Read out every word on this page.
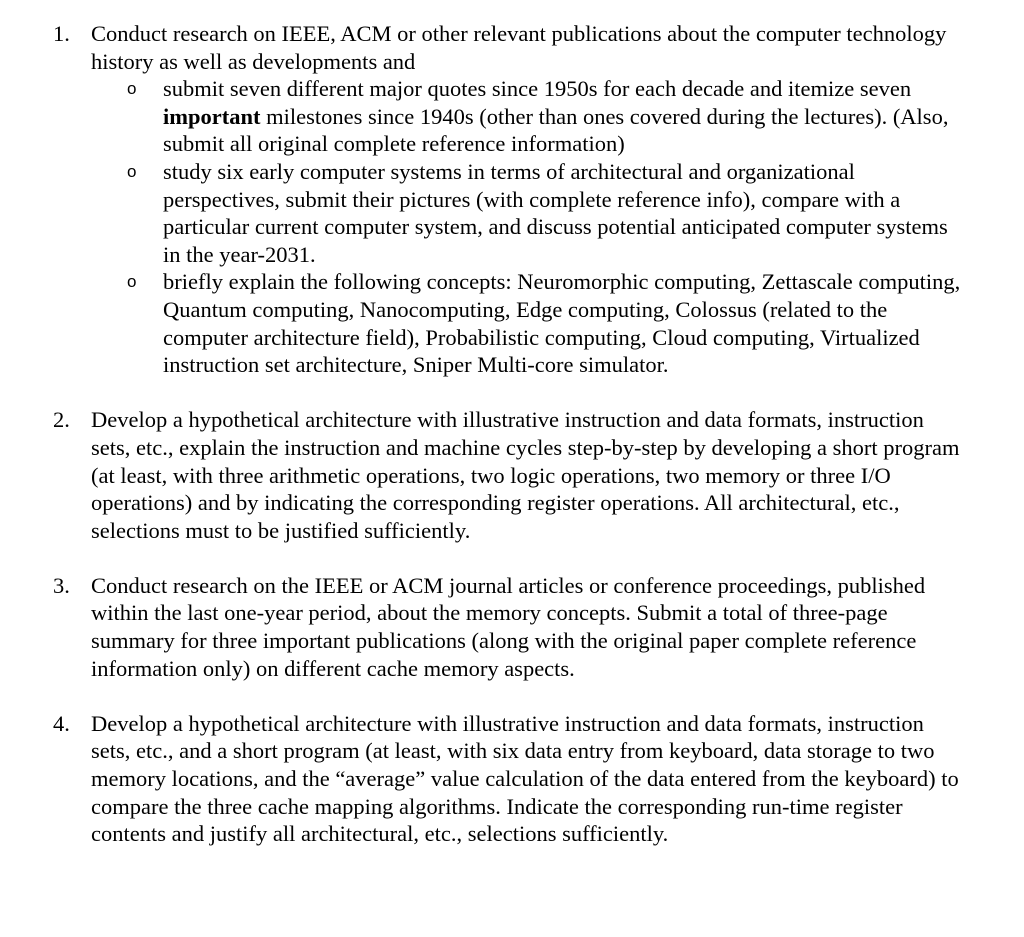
1. Conduct research on IEEE, ACM or other relevant publications about the computer technology history as well as developments and
o submit seven different major quotes since 1950s for each decade and itemize seven important milestones since 1940s (other than ones covered during the lectures). (Also, submit all original complete reference information)
o study six early computer systems in terms of architectural and organizational perspectives, submit their pictures (with complete reference info), compare with a particular current computer system, and discuss potential anticipated computer systems in the year-2031.
o briefly explain the following concepts: Neuromorphic computing, Zettascale computing, Quantum computing, Nanocomputing, Edge computing, Colossus (related to the computer architecture field), Probabilistic computing, Cloud computing, Virtualized instruction set architecture, Sniper Multi-core simulator.
2. Develop a hypothetical architecture with illustrative instruction and data formats, instruction sets, etc., explain the instruction and machine cycles step-by-step by developing a short program (at least, with three arithmetic operations, two logic operations, two memory or three I/O operations) and by indicating the corresponding register operations. All architectural, etc., selections must to be justified sufficiently.
3. Conduct research on the IEEE or ACM journal articles or conference proceedings, published within the last one-year period, about the memory concepts. Submit a total of three-page summary for three important publications (along with the original paper complete reference information only) on different cache memory aspects.
4. Develop a hypothetical architecture with illustrative instruction and data formats, instruction sets, etc., and a short program (at least, with six data entry from keyboard, data storage to two memory locations, and the “average” value calculation of the data entered from the keyboard) to compare the three cache mapping algorithms. Indicate the corresponding run-time register contents and justify all architectural, etc., selections sufficiently.
